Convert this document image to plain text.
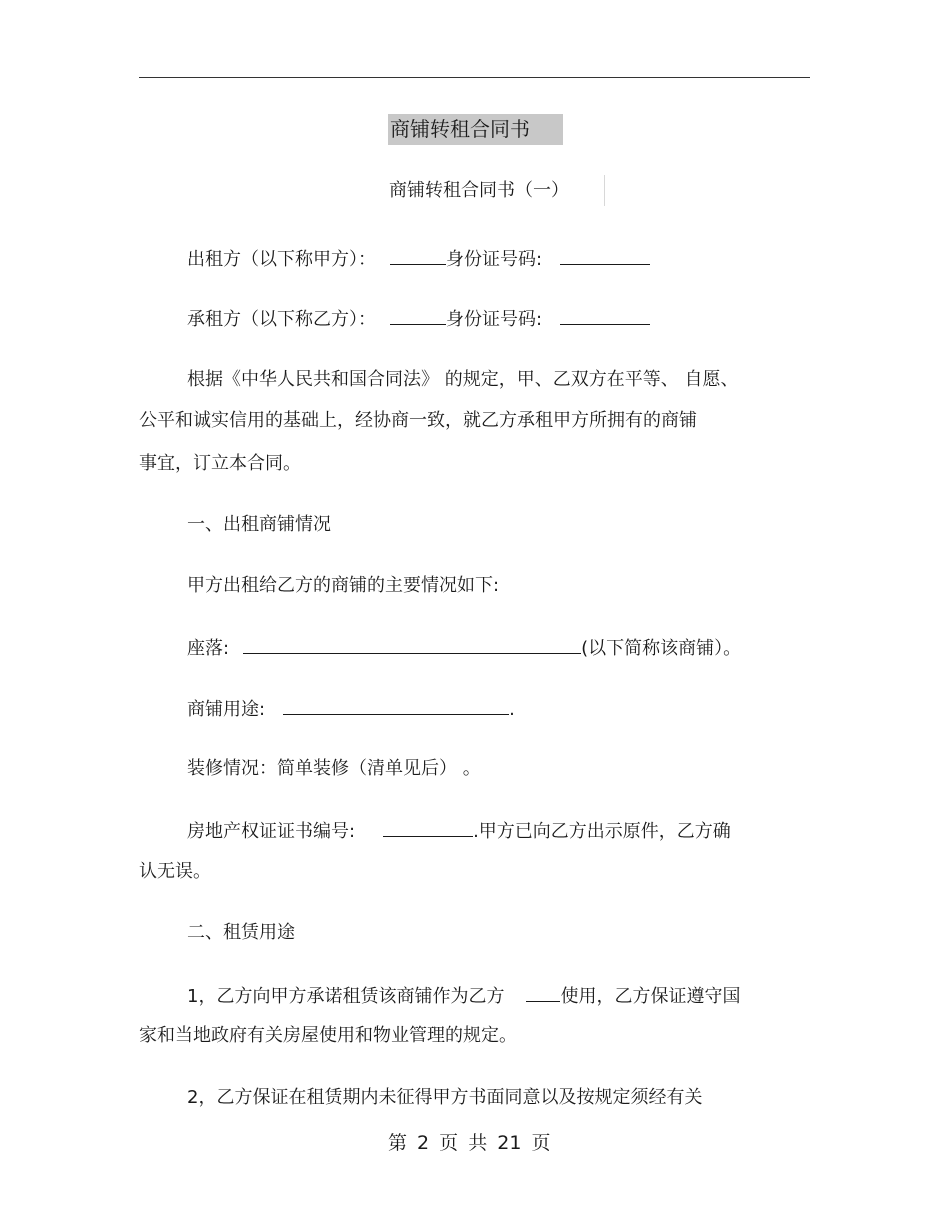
商铺转租合同书
商铺转租合同书（一）
出租方（以下称甲方）：	身份证号码:
承租方（以下称乙方）：	身份证号码:
根据《中华人民共和国合同法》 的规定，甲、乙双方在平等、 自愿、
公平和诚实信用的基础上，经协商一致，就乙方承租甲方所拥有的商铺
事宜，订立本合同。
一、出租商铺情况
甲方出租给乙方的商铺的主要情况如下:
座落:	(以下简称该商铺）。
商铺用途:	.
装修情况：简单装修（清单见后） 。
房地产权证证书编号:	.甲方已向乙方出示原件，乙方确
认无误。
二、租赁用途
1，乙方向甲方承诺租赁该商铺作为乙方	使用，乙方保证遵守国
家和当地政府有关房屋使用和物业管理的规定。
2，乙方保证在租赁期内未征得甲方书面同意以及按规定须经有关
第 2 页 共 21 页
